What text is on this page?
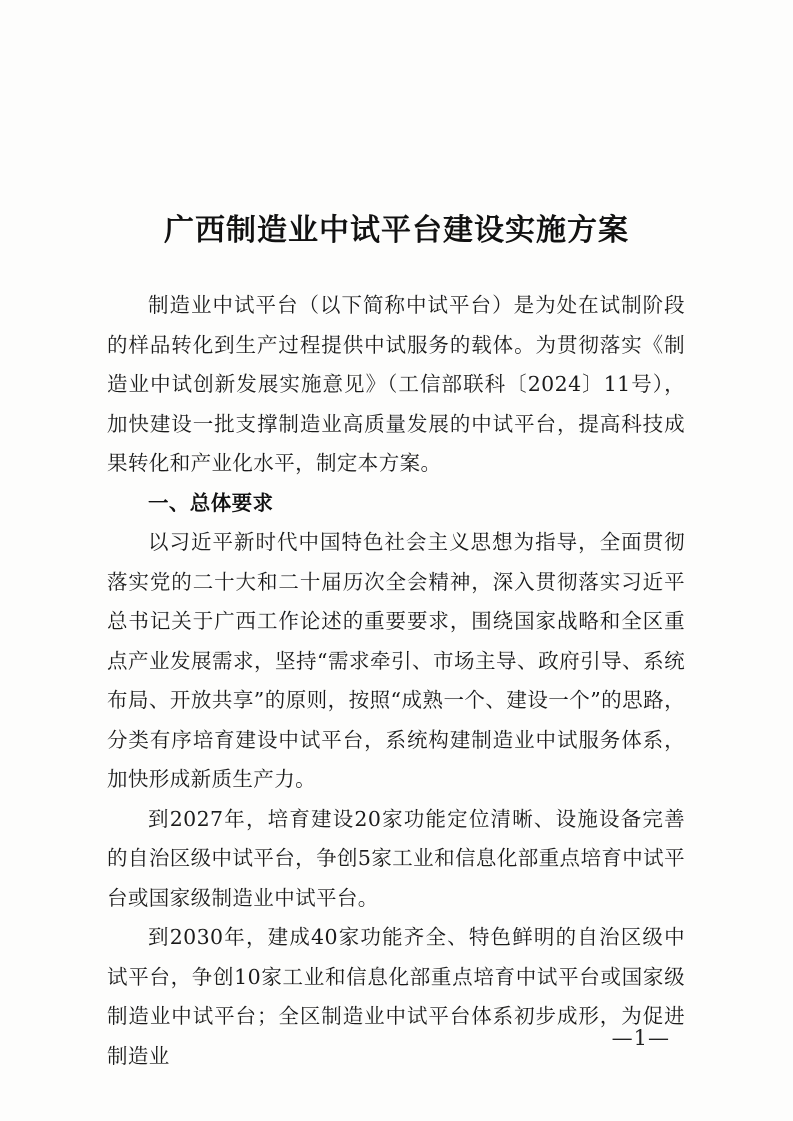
广西制造业中试平台建设实施方案

制造业中试平台（以下简称中试平台）是为处在试制阶段的样品转化到生产过程提供中试服务的载体。为贯彻落实《制造业中试创新发展实施意见》（工信部联科〔2024〕11号），加快建设一批支撑制造业高质量发展的中试平台，提高科技成果转化和产业化水平，制定本方案。

一、总体要求

以习近平新时代中国特色社会主义思想为指导，全面贯彻落实党的二十大和二十届历次全会精神，深入贯彻落实习近平总书记关于广西工作论述的重要要求，围绕国家战略和全区重点产业发展需求，坚持“需求牵引、市场主导、政府引导、系统布局、开放共享”的原则，按照“成熟一个、建设一个”的思路，分类有序培育建设中试平台，系统构建制造业中试服务体系，加快形成新质生产力。

到2027年，培育建设20家功能定位清晰、设施设备完善的自治区级中试平台，争创5家工业和信息化部重点培育中试平台或国家级制造业中试平台。

到2030年，建成40家功能齐全、特色鲜明的自治区级中试平台，争创10家工业和信息化部重点培育中试平台或国家级制造业中试平台；全区制造业中试平台体系初步成形，为促进制造业

—1—
